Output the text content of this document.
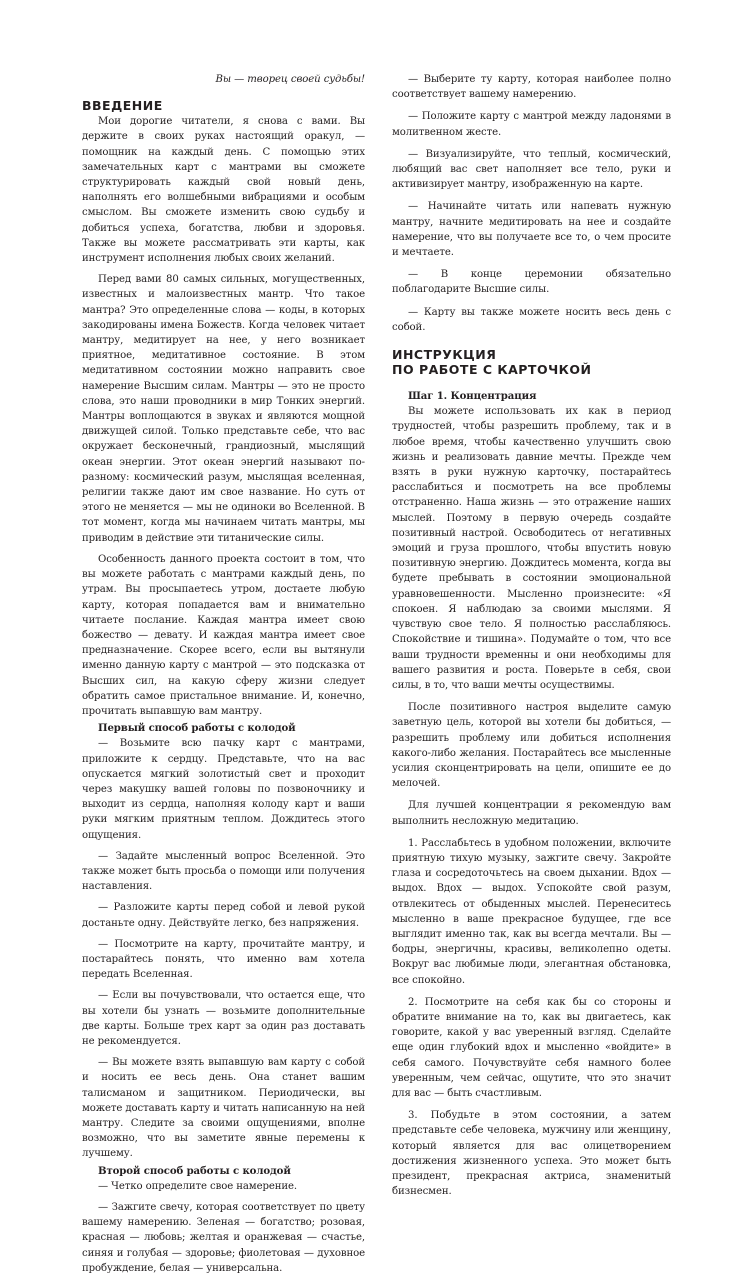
Вы — творец своей судьбы!

ВВЕДЕНИЕ

Мои дорогие читатели, я снова с вами. Вы держите в своих руках настоящий оракул, — помощник на каждый день. С помощью этих замечательных карт с мантрами вы сможете структурировать каждый свой новый день, наполнять его волшебными вибрациями и особым смыслом. Вы сможете изменить свою судьбу и добиться успеха, богатства, любви и здоровья. Также вы можете рассматривать эти карты, как инструмент исполнения любых своих желаний.

Перед вами 80 самых сильных, могущественных, известных и малоизвестных мантр. Что такое мантра? Это определенные слова — коды, в которых закодированы имена Божеств. Когда человек читает мантру, медитирует на нее, у него возникает приятное, медитативное состояние. В этом медитативном состоянии можно направить свое намерение Высшим силам. Мантры — это не просто слова, это наши проводники в мир Тонких энергий. Мантры воплощаются в звуках и являются мощной движущей силой. Только представьте себе, что вас окружает бесконечный, грандиозный, мыслящий океан энергии. Этот океан энергий называют по-разному: космический разум, мыслящая вселенная, религии также дают им свое название. Но суть от этого не меняется — мы не одиноки во Вселенной. В тот момент, когда мы начинаем читать мантры, мы приводим в действие эти титанические силы.

Особенность данного проекта состоит в том, что вы можете работать с мантрами каждый день, по утрам. Вы просыпаетесь утром, достаете любую карту, которая попадается вам и внимательно читаете послание. Каждая мантра имеет свою божество — девату. И каждая мантра имеет свое предназначение. Скорее всего, если вы вытянули именно данную карту с мантрой — это подсказка от Высших сил, на какую сферу жизни следует обратить самое пристальное внимание. И, конечно, прочитать выпавшую вам мантру.

Первый способ работы с колодой

— Возьмите всю пачку карт с мантрами, приложите к сердцу. Представьте, что на вас опускается мягкий золотистый свет и проходит через макушку вашей головы по позвоночнику и выходит из сердца, наполняя колоду карт и ваши руки мягким приятным теплом. Дождитесь этого ощущения.

— Задайте мысленный вопрос Вселенной. Это также может быть просьба о помощи или получения наставления.

— Разложите карты перед собой и левой рукой достаньте одну. Действуйте легко, без напряжения.

— Посмотрите на карту, прочитайте мантру, и постарайтесь понять, что именно вам хотела передать Вселенная.

— Если вы почувствовали, что остается еще, что вы хотели бы узнать — возьмите дополнительные две карты. Больше трех карт за один раз доставать не рекомендуется.

— Вы можете взять выпавшую вам карту с собой и носить ее весь день. Она станет вашим талисманом и защитником. Периодически, вы можете доставать карту и читать написанную на ней мантру. Следите за своими ощущениями, вполне возможно, что вы заметите явные перемены к лучшему.

Второй способ работы с колодой

— Четко определите свое намерение.

— Зажгите свечу, которая соответствует по цвету вашему намерению. Зеленая — богатство; розовая, красная — любовь; желтая и оранжевая — счастье, синяя и голубая — здоровье; фиолетовая — духовное пробуждение, белая — универсальна.

— Выберите ту карту, которая наиболее полно соответствует вашему намерению.

— Положите карту с мантрой между ладонями в молитвенном жесте.

— Визуализируйте, что теплый, космический, любящий вас свет наполняет все тело, руки и активизирует мантру, изображенную на карте.

— Начинайте читать или напевать нужную мантру, начните медитировать на нее и создайте намерение, что вы получаете все то, о чем просите и мечтаете.

— В конце церемонии обязательно поблагодарите Высшие силы.

— Карту вы также можете носить весь день с собой.

ИНСТРУКЦИЯ
ПО РАБОТЕ С КАРТОЧКОЙ
Шаг 1. Концентрация

Вы можете использовать их как в период трудностей, чтобы разрешить проблему, так и в любое время, чтобы качественно улучшить свою жизнь и реализовать давние мечты. Прежде чем взять в руки нужную карточку, постарайтесь расслабиться и посмотреть на все проблемы отстраненно. Наша жизнь — это отражение наших мыслей. Поэтому в первую очередь создайте позитивный настрой. Освободитесь от негативных эмоций и груза прошлого, чтобы впустить новую позитивную энергию. Дождитесь момента, когда вы будете пребывать в состоянии эмоциональной уравновешенности. Мысленно произнесите: «Я спокоен. Я наблюдаю за своими мыслями. Я чувствую свое тело. Я полностью расслабляюсь. Спокойствие и тишина». Подумайте о том, что все ваши трудности временны и они необходимы для вашего развития и роста. Поверьте в себя, свои силы, в то, что ваши мечты осуществимы.

После позитивного настроя выделите самую заветную цель, которой вы хотели бы добиться, — разрешить проблему или добиться исполнения какого-либо желания. Постарайтесь все мысленные усилия сконцентрировать на цели, опишите ее до мелочей.

Для лучшей концентрации я рекомендую вам выполнить несложную медитацию.

1. Расслабьтесь в удобном положении, включите приятную тихую музыку, зажгите свечу. Закройте глаза и сосредоточьтесь на своем дыхании. Вдох — выдох. Вдох — выдох. Успокойте свой разум, отвлекитесь от обыденных мыслей. Перенеситесь мысленно в ваше прекрасное будущее, где все выглядит именно так, как вы всегда мечтали. Вы — бодры, энергичны, красивы, великолепно одеты. Вокруг вас любимые люди, элегантная обстановка, все спокойно.

2. Посмотрите на себя как бы со стороны и обратите внимание на то, как вы двигаетесь, как говорите, какой у вас уверенный взгляд. Сделайте еще один глубокий вдох и мысленно «войдите» в себя самого. Почувствуйте себя намного более уверенным, чем сейчас, ощутите, что это значит для вас — быть счастливым.

3. Побудьте в этом состоянии, а затем представьте себе человека, мужчину или женщину, который является для вас олицетворением достижения жизненного успеха. Это может быть президент, прекрасная актриса, знаменитый бизнесмен.
